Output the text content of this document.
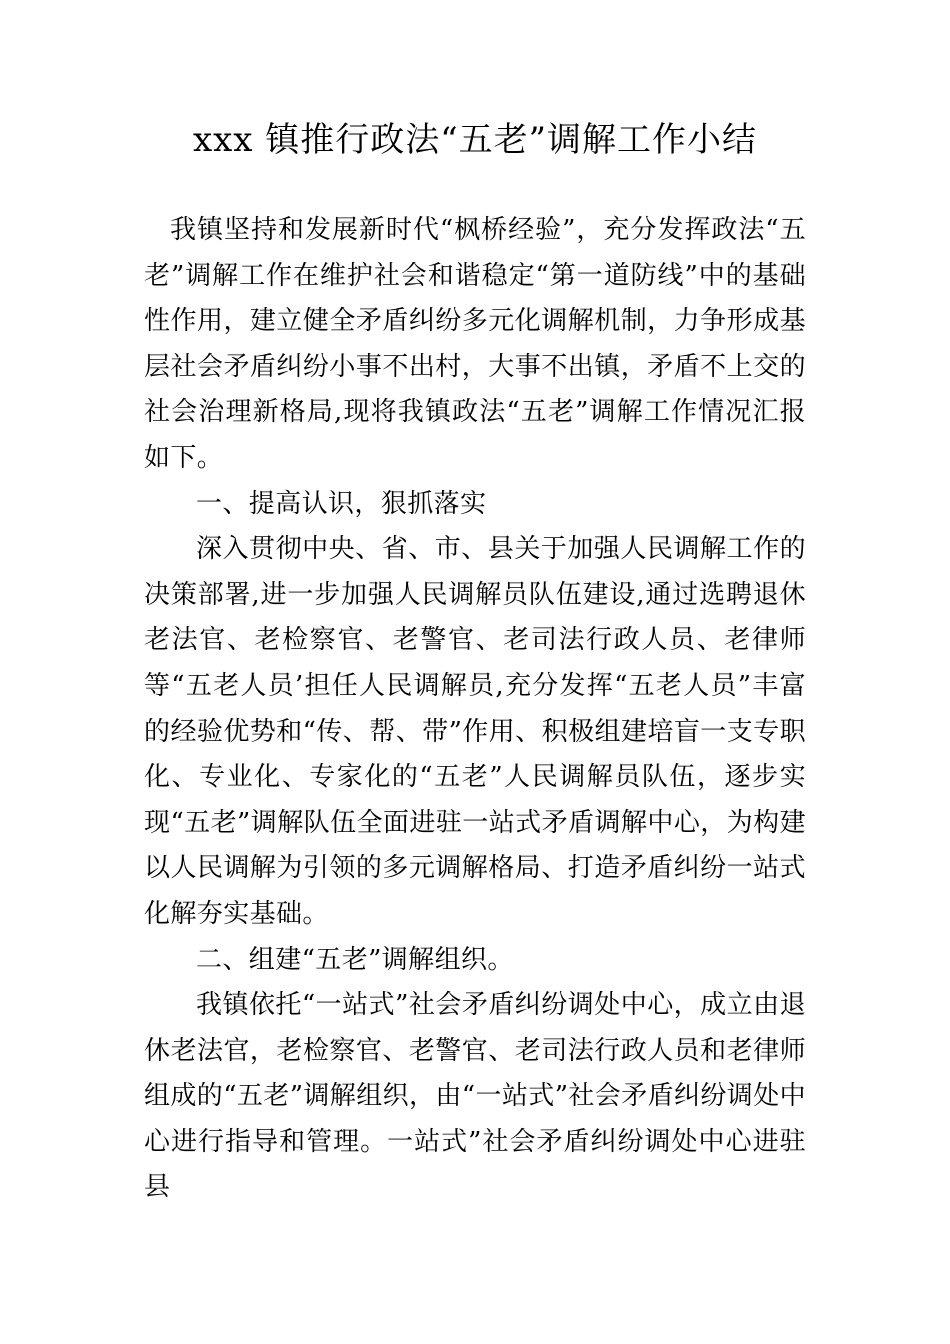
xxx 镇推行政法“五老”调解工作小结

我镇坚持和发展新时代“枫桥经验”，充分发挥政法“五老”调解工作在维护社会和谐稳定“第一道防线”中的基础性作用，建立健全矛盾纠纷多元化调解机制，力争形成基层社会矛盾纠纷小事不出村，大事不出镇，矛盾不上交的社会治理新格局,现将我镇政法“五老”调解工作情况汇报如下。

一、提高认识，狠抓落实

深入贯彻中央、省、市、县关于加强人民调解工作的决策部署,进一步加强人民调解员队伍建设,通过选聘退休老法官、老检察官、老警官、老司法行政人员、老律师等“五老人员’担任人民调解员,充分发挥“五老人员”丰富的经验优势和“传、帮、带”作用、积极组建培盲一支专职化、专业化、专家化的“五老”人民调解员队伍，逐步实现“五老”调解队伍全面进驻一站式矛盾调解中心，为构建以人民调解为引领的多元调解格局、打造矛盾纠纷一站式化解夯实基础。

二、组建“五老”调解组织。

我镇依托“一站式”社会矛盾纠纷调处中心，成立由退休老法官，老检察官、老警官、老司法行政人员和老律师组成的“五老”调解组织，由“一站式”社会矛盾纠纷调处中心进行指导和管理。一站式”社会矛盾纠纷调处中心进驻县
